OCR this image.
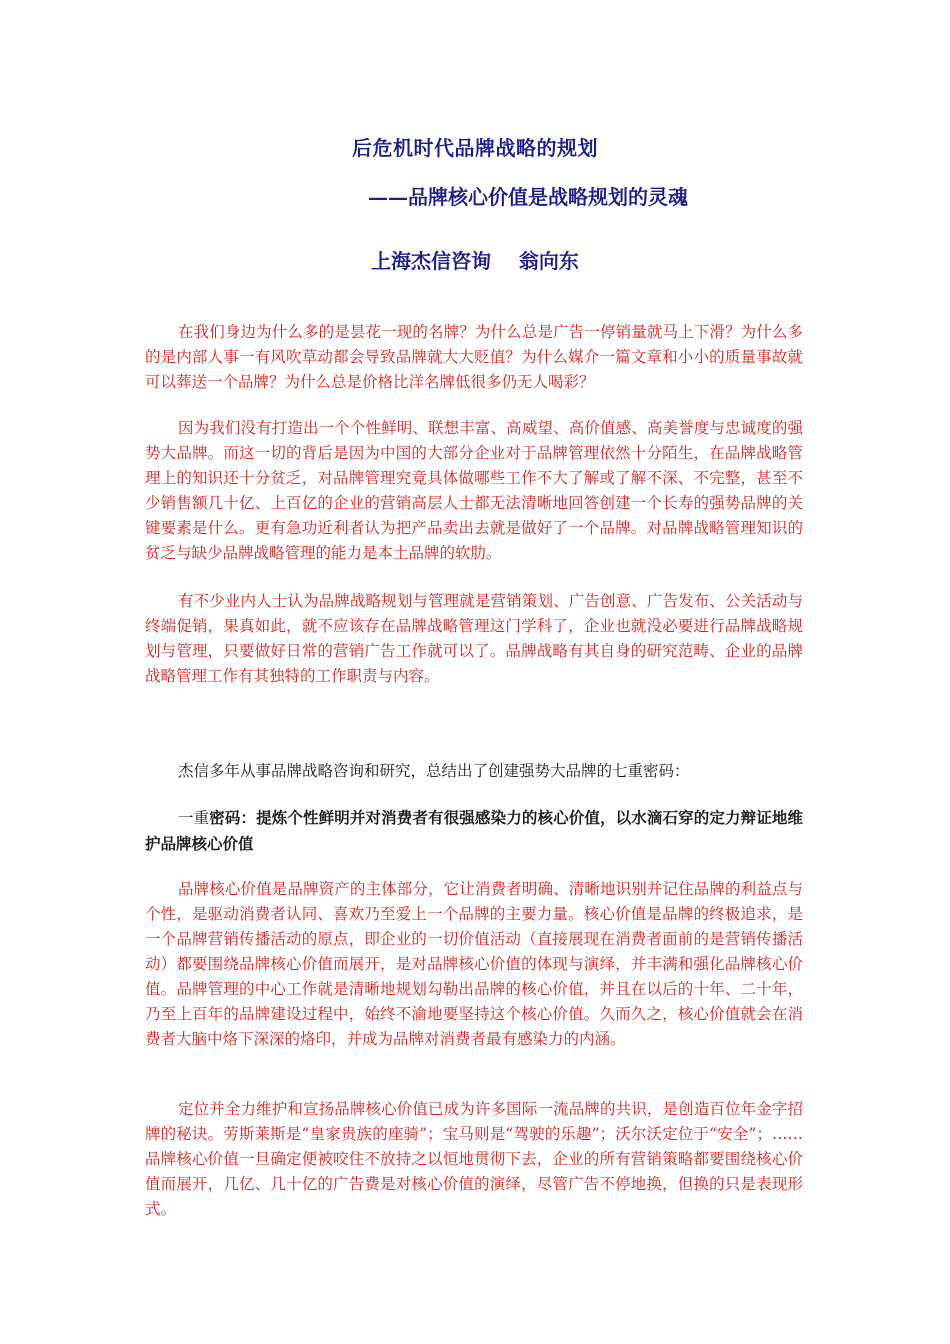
后危机时代品牌战略的规划
——品牌核心价值是战略规划的灵魂
上海杰信咨询    翁向东

在我们身边为什么多的是昙花一现的名牌？为什么总是广告一停销量就马上下滑？为什么多的是内部人事一有风吹草动都会导致品牌就大大贬值？为什么媒介一篇文章和小小的质量事故就可以葬送一个品牌？为什么总是价格比洋名牌低很多仍无人喝彩？

因为我们没有打造出一个个性鲜明、联想丰富、高威望、高价值感、高美誉度与忠诚度的强势大品牌。而这一切的背后是因为中国的大部分企业对于品牌管理依然十分陌生，在品牌战略管理上的知识还十分贫乏，对品牌管理究竟具体做哪些工作不大了解或了解不深、不完整，甚至不少销售额几十亿、上百亿的企业的营销高层人士都无法清晰地回答创建一个长寿的强势品牌的关键要素是什么。更有急功近利者认为把产品卖出去就是做好了一个品牌。对品牌战略管理知识的贫乏与缺少品牌战略管理的能力是本土品牌的软肋。

有不少业内人士认为品牌战略规划与管理就是营销策划、广告创意、广告发布、公关活动与终端促销，果真如此，就不应该存在品牌战略管理这门学科了，企业也就没必要进行品牌战略规划与管理，只要做好日常的营销广告工作就可以了。品牌战略有其自身的研究范畴、企业的品牌战略管理工作有其独特的工作职责与内容。

杰信多年从事品牌战略咨询和研究，总结出了创建强势大品牌的七重密码：

一重密码：提炼个性鲜明并对消费者有很强感染力的核心价值，以水滴石穿的定力辩证地维护品牌核心价值

品牌核心价值是品牌资产的主体部分，它让消费者明确、清晰地识别并记住品牌的利益点与个性，是驱动消费者认同、喜欢乃至爱上一个品牌的主要力量。核心价值是品牌的终极追求，是一个品牌营销传播活动的原点，即企业的一切价值活动（直接展现在消费者面前的是营销传播活动）都要围绕品牌核心价值而展开，是对品牌核心价值的体现与演绎，并丰满和强化品牌核心价值。品牌管理的中心工作就是清晰地规划勾勒出品牌的核心价值，并且在以后的十年、二十年，乃至上百年的品牌建设过程中，始终不渝地要坚持这个核心价值。久而久之，核心价值就会在消费者大脑中烙下深深的烙印，并成为品牌对消费者最有感染力的内涵。

定位并全力维护和宣扬品牌核心价值已成为许多国际一流品牌的共识，是创造百位年金字招牌的秘诀。劳斯莱斯是“皇家贵族的座骑”；宝马则是“驾驶的乐趣”；沃尔沃定位于“安全”；……品牌核心价值一旦确定便被咬住不放持之以恒地贯彻下去，企业的所有营销策略都要围绕核心价值而展开，几亿、几十亿的广告费是对核心价值的演绎，尽管广告不停地换，但换的只是表现形式。
